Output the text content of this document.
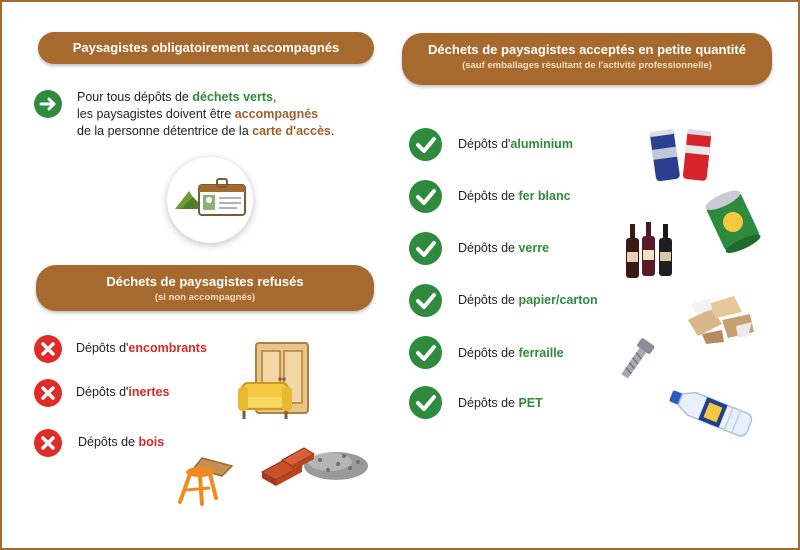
Paysagistes obligatoirement accompagnés
Pour tous dépôts de déchets verts,
les paysagistes doivent être accompagnés
de la personne détentrice de la carte d'accès.
Déchets de paysagistes refusés
(si non accompagnés)
Dépôts d'encombrants
Dépôts d'inertes
Dépôts de bois
Déchets de paysagistes acceptés en petite quantité
(sauf emballages résultant de l'activité professionnelle)
Dépôts d'aluminium
Dépôts de fer blanc
Dépôts de verre
Dépôts de papier/carton
Dépôts de ferraille
Dépôts de PET
